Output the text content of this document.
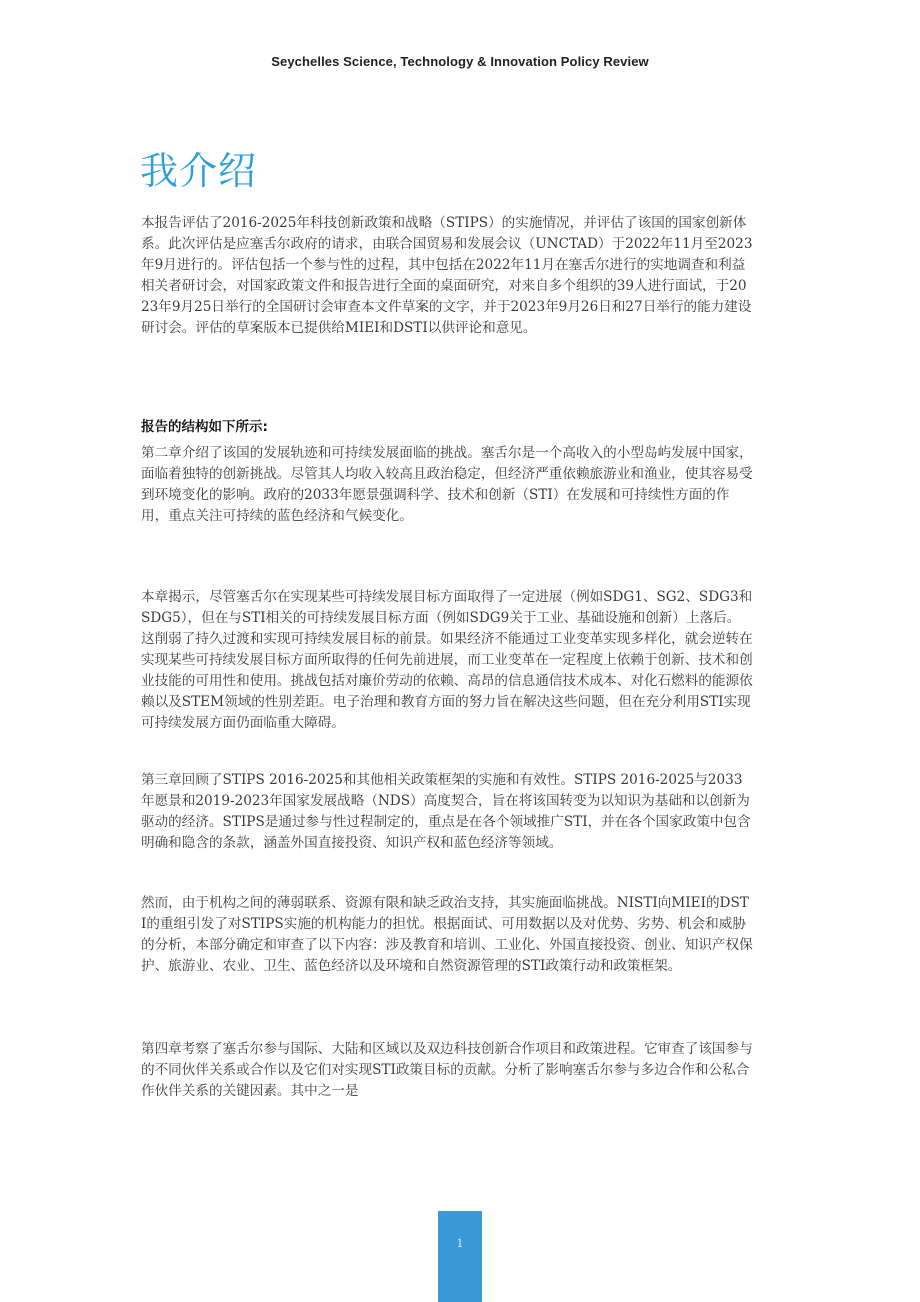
Seychelles Science, Technology & Innovation Policy Review
我介绍

本报告评估了2016-2025年科技创新政策和战略（STIPS）的实施情况，并评估了该国的国家创新体系。此次评估是应塞舌尔政府的请求，由联合国贸易和发展会议（UNCTAD）于2022年11月至2023年9月进行的。评估包括一个参与性的过程，其中包括在2022年11月在塞舌尔进行的实地调查和利益相关者研讨会，对国家政策文件和报告进行全面的桌面研究，对来自多个组织的39人进行面试，于2023年9月25日举行的全国研讨会审查本文件草案的文字，并于2023年9月26日和27日举行的能力建设研讨会。评估的草案版本已提供给MIEI和DSTI以供评论和意见。

报告的结构如下所示:

第二章介绍了该国的发展轨迹和可持续发展面临的挑战。塞舌尔是一个高收入的小型岛屿发展中国家，面临着独特的创新挑战。尽管其人均收入较高且政治稳定，但经济严重依赖旅游业和渔业，使其容易受到环境变化的影响。政府的2033年愿景强调科学、技术和创新（STI）在发展和可持续性方面的作用，重点关注可持续的蓝色经济和气候变化。

本章揭示，尽管塞舌尔在实现某些可持续发展目标方面取得了一定进展（例如SDG1、SG2、SDG3和SDG5），但在与STI相关的可持续发展目标方面（例如SDG9关于工业、基础设施和创新）上落后。这削弱了持久过渡和实现可持续发展目标的前景。如果经济不能通过工业变革实现多样化，就会逆转在实现某些可持续发展目标方面所取得的任何先前进展，而工业变革在一定程度上依赖于创新、技术和创业技能的可用性和使用。挑战包括对廉价劳动的依赖、高昂的信息通信技术成本、对化石燃料的能源依赖以及STEM领域的性别差距。电子治理和教育方面的努力旨在解决这些问题，但在充分利用STI实现可持续发展方面仍面临重大障碍。

第三章回顾了STIPS 2016-2025和其他相关政策框架的实施和有效性。STIPS 2016-2025与2033年愿景和2019-2023年国家发展战略（NDS）高度契合，旨在将该国转变为以知识为基础和以创新为驱动的经济。STIPS是通过参与性过程制定的，重点是在各个领域推广STI，并在各个国家政策中包含明确和隐含的条款，涵盖外国直接投资、知识产权和蓝色经济等领域。

然而，由于机构之间的薄弱联系、资源有限和缺乏政治支持，其实施面临挑战。NISTI向MIEI的DSTI的重组引发了对STIPS实施的机构能力的担忧。根据面试、可用数据以及对优势、劣势、机会和威胁的分析，本部分确定和审查了以下内容：涉及教育和培训、工业化、外国直接投资、创业、知识产权保护、旅游业、农业、卫生、蓝色经济以及环境和自然资源管理的STI政策行动和政策框架。

第四章考察了塞舌尔参与国际、大陆和区域以及双边科技创新合作项目和政策进程。它审查了该国参与的不同伙伴关系或合作以及它们对实现STI政策目标的贡献。分析了影响塞舌尔参与多边合作和公私合作伙伴关系的关键因素。其中之一是

1
